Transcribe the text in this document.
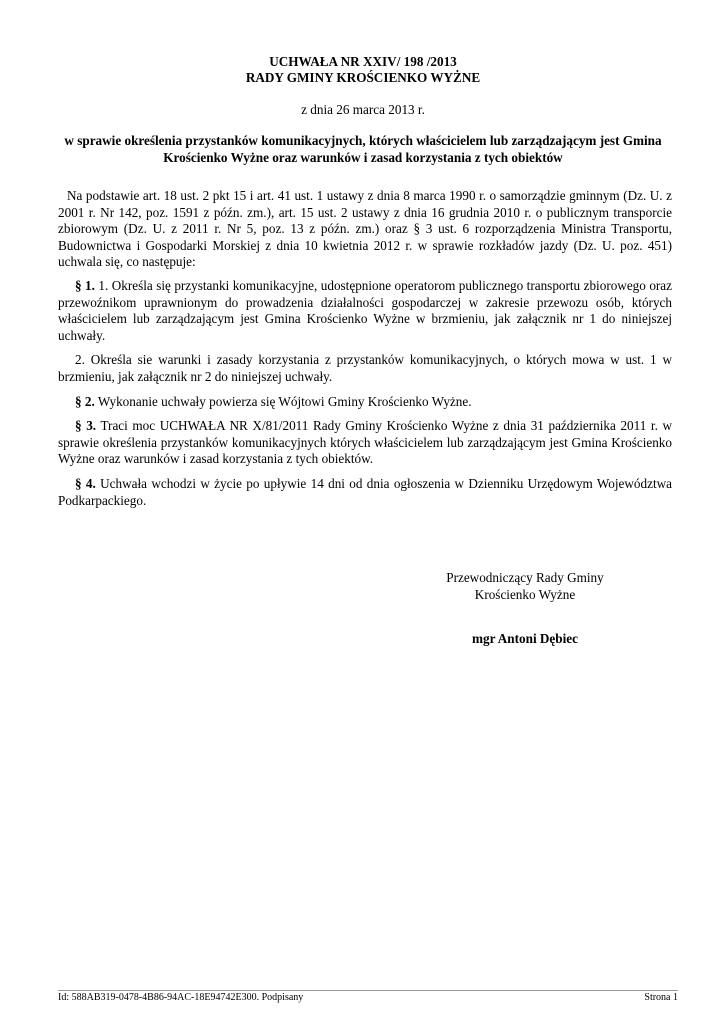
UCHWAŁA NR XXIV/ 198 /2013
RADY GMINY KROŚCIENKO WYŻNE
z dnia 26 marca 2013 r.
w sprawie określenia przystanków komunikacyjnych, których właścicielem lub zarządzającym jest Gmina Krościenko Wyżne oraz warunków i zasad korzystania z tych obiektów

Na podstawie art. 18 ust. 2 pkt 15 i art. 41 ust. 1 ustawy z dnia 8 marca 1990 r. o samorządzie gminnym (Dz. U. z 2001 r. Nr 142, poz. 1591 z późn. zm.), art. 15 ust. 2 ustawy z dnia 16 grudnia 2010 r. o publicznym transporcie zbiorowym (Dz. U. z 2011 r. Nr 5, poz. 13 z późn. zm.) oraz § 3 ust. 6 rozporządzenia Ministra Transportu, Budownictwa i Gospodarki Morskiej z dnia 10 kwietnia 2012 r. w sprawie rozkładów jazdy (Dz. U. poz. 451) uchwala się, co następuje:

§ 1. 1. Określa się przystanki komunikacyjne, udostępnione operatorom publicznego transportu zbiorowego oraz przewoźnikom uprawnionym do prowadzenia działalności gospodarczej w zakresie przewozu osób, których właścicielem lub zarządzającym jest Gmina Krościenko Wyżne w brzmieniu, jak załącznik nr 1 do niniejszej uchwały.

2. Określa sie warunki i zasady korzystania z przystanków komunikacyjnych, o których mowa w ust. 1 w brzmieniu, jak załącznik nr 2 do niniejszej uchwały.

§ 2. Wykonanie uchwały powierza się Wójtowi Gminy Krościenko Wyżne.

§ 3. Traci moc UCHWAŁA NR X/81/2011 Rady Gminy Krościenko Wyżne z dnia 31 października 2011 r. w sprawie określenia przystanków komunikacyjnych których właścicielem lub zarządzającym jest Gmina Krościenko Wyżne oraz warunków i zasad korzystania z tych obiektów.

§ 4. Uchwała wchodzi w życie po upływie 14 dni od dnia ogłoszenia w Dzienniku Urzędowym Województwa Podkarpackiego.

Przewodniczący Rady Gminy
Krościenko Wyżne
mgr Antoni Dębiec
Id: 588AB319-0478-4B86-94AC-18E94742E300. Podpisany	Strona 1
